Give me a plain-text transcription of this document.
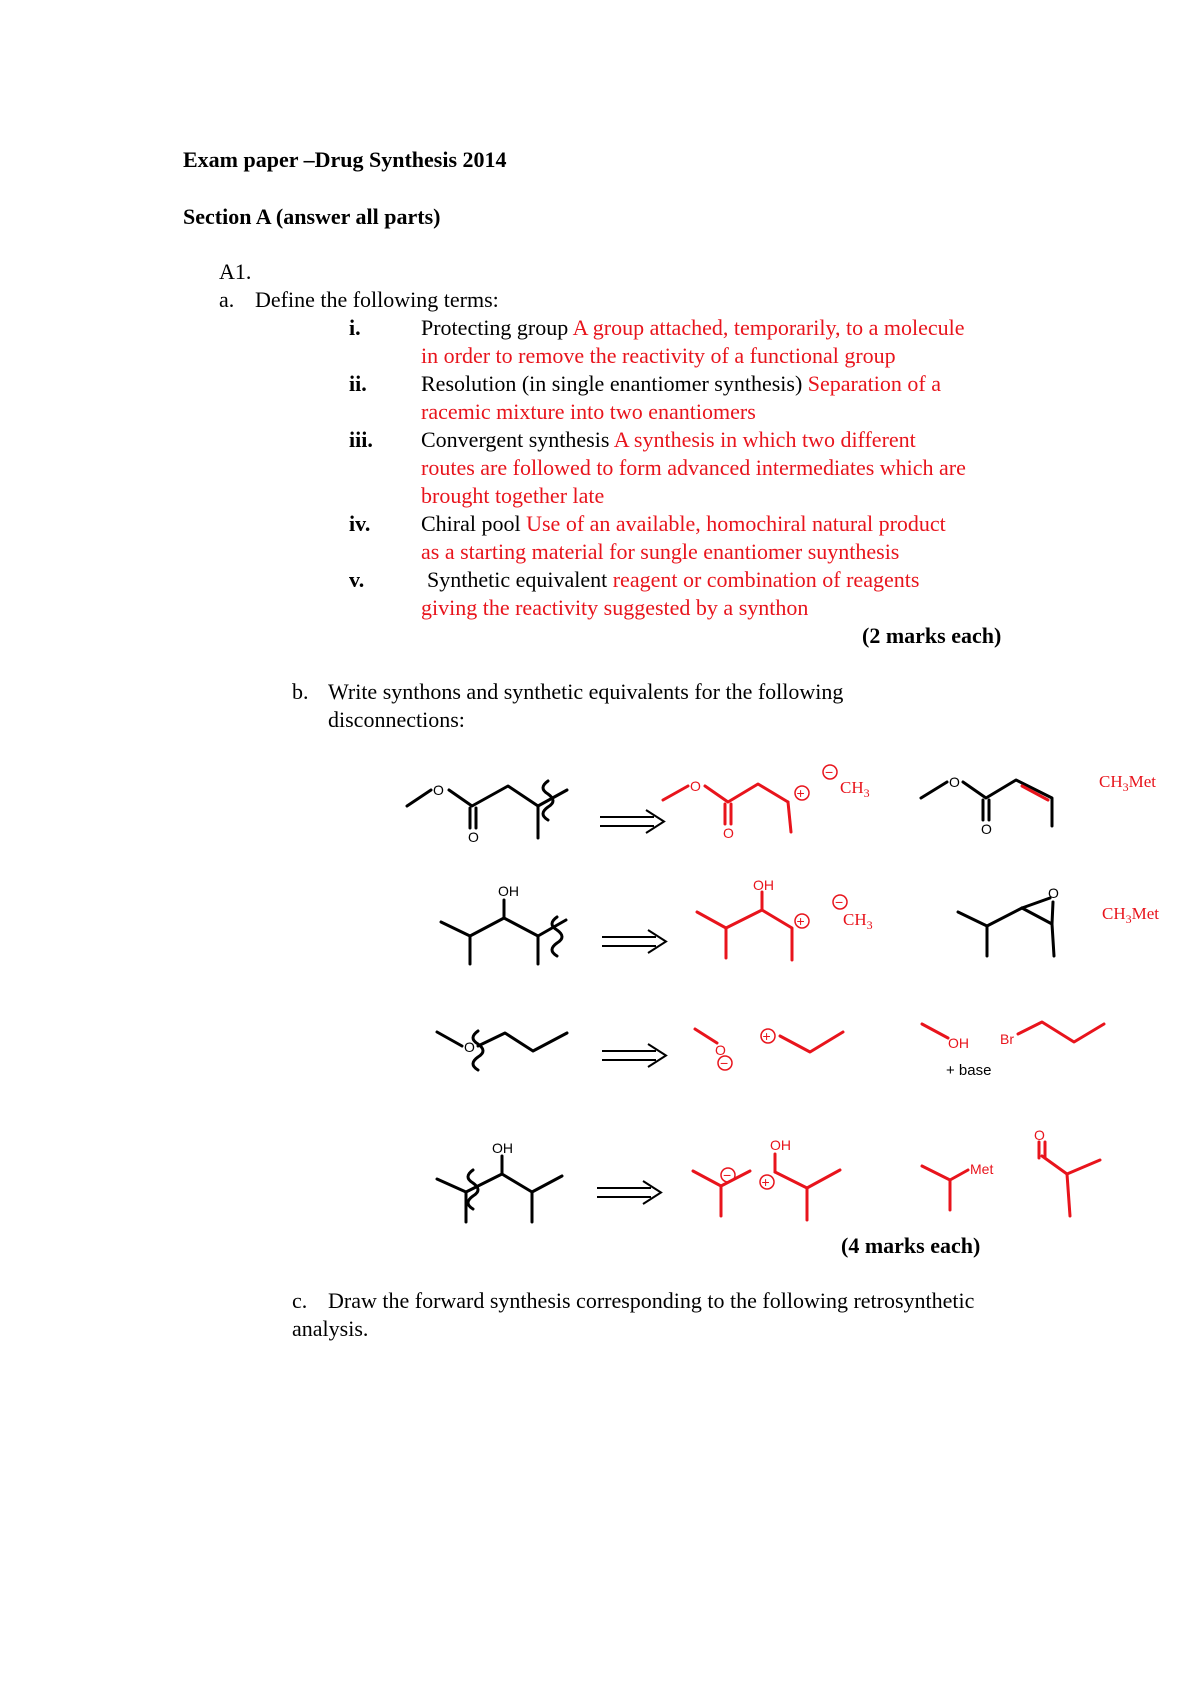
Exam paper –Drug Synthesis 2014
Section A (answer all parts)
A1.
a. Define the following terms:
i.	Protecting group A group attached, temporarily, to a molecule
in order to remove the reactivity of a functional group
ii. Resolution (in single enantiomer synthesis) Separation of a
racemic mixture into two enantiomers
iii. Convergent synthesis A synthesis in which two different
routes are followed to form advanced intermediates which are
brought together late
iv. Chiral pool Use of an available, homochiral natural product
as a starting material for sungle enantiomer suynthesis
v.	Synthetic equivalent reagent or combination of reagents
giving the reactivity suggested by a synthon
(2 marks each)
b. Write synthons and synthetic equivalents for the following
disconnections:
O
O
O
O
+
−
$CH_3$
O
O
$CH_3Met$
OH	OH
+
−
$CH_3$
O
$CH_3Met$
O	O
−
+	OH
+ base
Br
OH
− +
OH
Met
O
(4 marks each)
c. Draw the forward synthesis corresponding to the following retrosynthetic
analysis.
